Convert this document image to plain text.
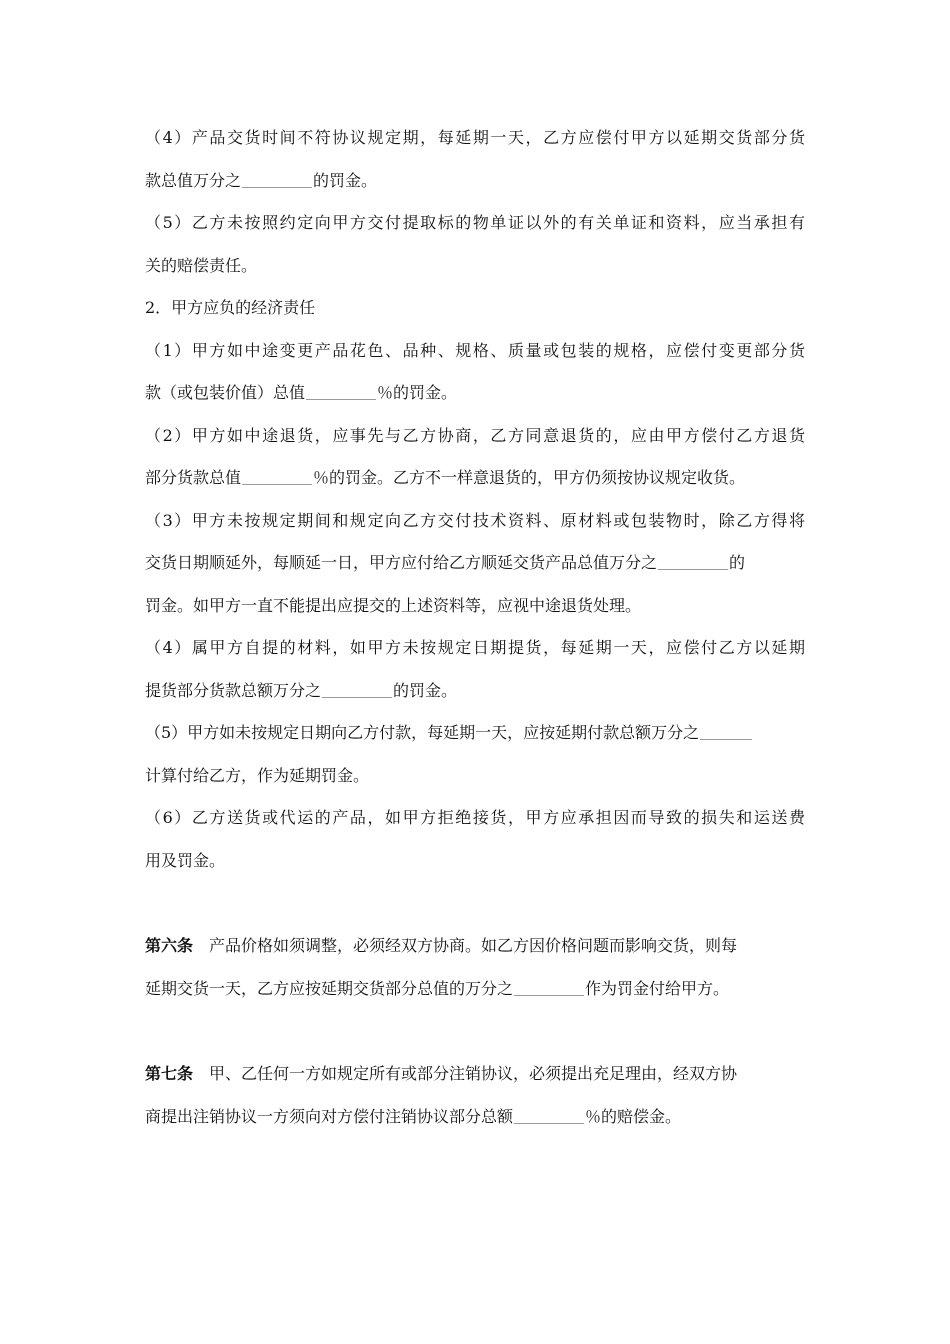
（4）产品交货时间不符协议规定期，每延期一天，乙方应偿付甲方以延期交货部分货
款总值万分之	的罚金。
（5）乙方未按照约定向甲方交付提取标的物单证以外的有关单证和资料，应当承担有
关的赔偿责任。
2．甲方应负的经济责任
（1）甲方如中途变更产品花色、品种、规格、质量或包装的规格，应偿付变更部分货
款（或包装价值）总值	％的罚金。
（2）甲方如中途退货，应事先与乙方协商，乙方同意退货的，应由甲方偿付乙方退货
部分货款总值	％的罚金。乙方不一样意退货的，甲方仍须按协议规定收货。
（3）甲方未按规定期间和规定向乙方交付技术资料、原材料或包装物时，除乙方得将
交货日期顺延外，每顺延一日，甲方应付给乙方顺延交货产品总值万分之	的
罚金。如甲方一直不能提出应提交的上述资料等，应视中途退货处理。
（4）属甲方自提的材料，如甲方未按规定日期提货，每延期一天，应偿付乙方以延期
提货部分货款总额万分之	的罚金。
（5）甲方如未按规定日期向乙方付款，每延期一天，应按延期付款总额万分之
计算付给乙方，作为延期罚金。
（6）乙方送货或代运的产品，如甲方拒绝接货，甲方应承担因而导致的损失和运送费
用及罚金。
第六条 产品价格如须调整，必须经双方协商。如乙方因价格问题而影响交货，则每
延期交货一天，乙方应按延期交货部分总值的万分之	作为罚金付给甲方。
第七条 甲、乙任何一方如规定所有或部分注销协议，必须提出充足理由，经双方协
商提出注销协议一方须向对方偿付注销协议部分总额	％的赔偿金。
